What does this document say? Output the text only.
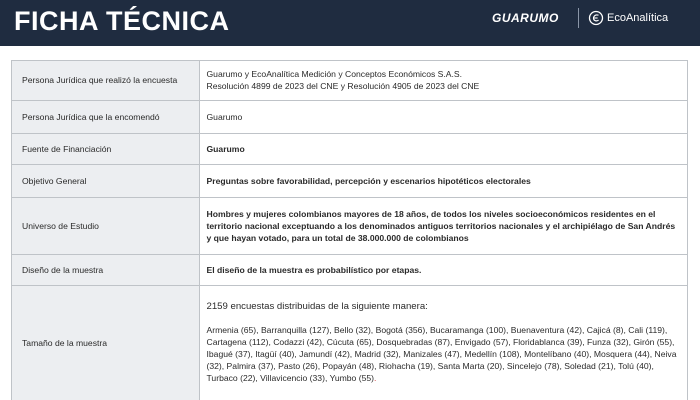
FICHA TÉCNICA	GUARUMO	EcoAnalítica
Persona Jurídica que realizó la encuesta	Guarumo y EcoAnalítica Medición y Conceptos Económicos S.A.S.
Resolución 4899 de 2023 del CNE y Resolución 4905 de 2023 del CNE

Persona Jurídica que la encomendó	Guarumo
Fuente de Financiación	Guarumo
Objetivo General	Preguntas sobre favorabilidad, percepción y escenarios hipotéticos electorales
Universo de Estudio	Hombres y mujeres colombianos mayores de 18 años, de todos los niveles socioeconómicos residentes en el territorio nacional exceptuando a los denominados antiguos territorios nacionales y el archipiélago de San Andrés y que hayan votado, para un total de 38.000.000 de colombianos
Diseño de la muestra	El diseño de la muestra es probabilístico por etapas.
Tamaño de la muestra	2159 encuestas distribuidas de la siguiente manera:
Armenia (65), Barranquilla (127), Bello (32), Bogotá (356), Bucaramanga (100), Buenaventura (42), Cajicá (8), Cali (119), Cartagena (112), Codazzi (42), Cúcuta (65), Dosquebradas (87), Envigado (57), Floridablanca (39), Funza (32), Girón (55), Ibagué (37), Itagüí (40), Jamundí (42), Madrid (32), Manizales (47), Medellín (108), Montelíbano (40), Mosquera (44), Neiva (32), Palmira (37), Pasto (26), Popayán (48), Riohacha (19), Santa Marta (20), Sincelejo (78), Soledad (21), Tolú (40), Turbaco (22), Villavicencio (33), Yumbo (55).
